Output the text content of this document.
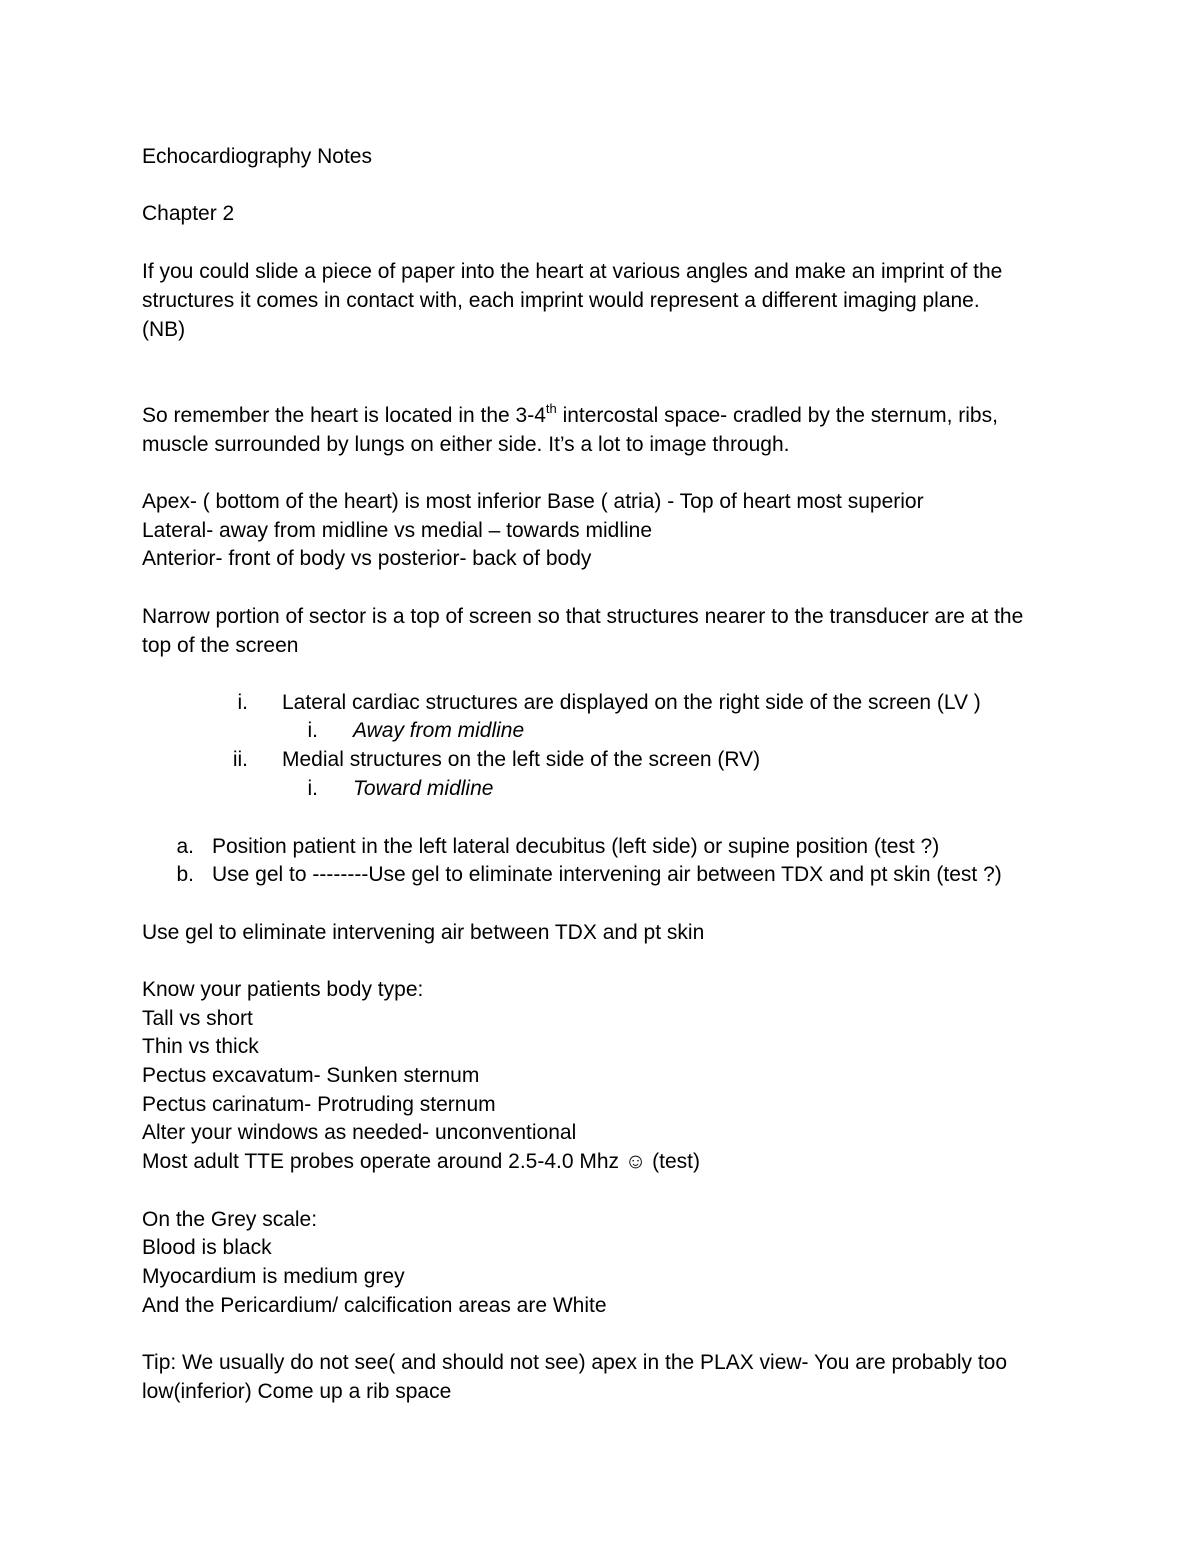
Echocardiography Notes
Chapter 2
If you could slide a piece of paper into the heart at various angles and make an imprint of the
structures it comes in contact with, each imprint would represent a different imaging plane.
(NB)
So remember the heart is located in the 3-4th intercostal space- cradled by the sternum, ribs,
muscle surrounded by lungs on either side. It’s a lot to image through.
Apex- ( bottom of the heart) is most inferior Base ( atria) - Top of heart most superior
Lateral- away from midline vs medial – towards midline
Anterior- front of body vs posterior- back of body
Narrow portion of sector is a top of screen so that structures nearer to the transducer are at the
top of the screen
i. Lateral cardiac structures are displayed on the right side of the screen (LV )
i. Away from midline
ii. Medial structures on the left side of the screen (RV)
i. Toward midline
a. Position patient in the left lateral decubitus (left side) or supine position (test ?)
b. Use gel to --------Use gel to eliminate intervening air between TDX and pt skin (test ?)
Use gel to eliminate intervening air between TDX and pt skin
Know your patients body type:
Tall vs short
Thin vs thick
Pectus excavatum- Sunken sternum
Pectus carinatum- Protruding sternum
Alter your windows as needed- unconventional
Most adult TTE probes operate around 2.5-4.0 Mhz ☺ (test)
On the Grey scale:
Blood is black
Myocardium is medium grey
And the Pericardium/ calcification areas are White
Tip: We usually do not see( and should not see) apex in the PLAX view- You are probably too
low(inferior) Come up a rib space
